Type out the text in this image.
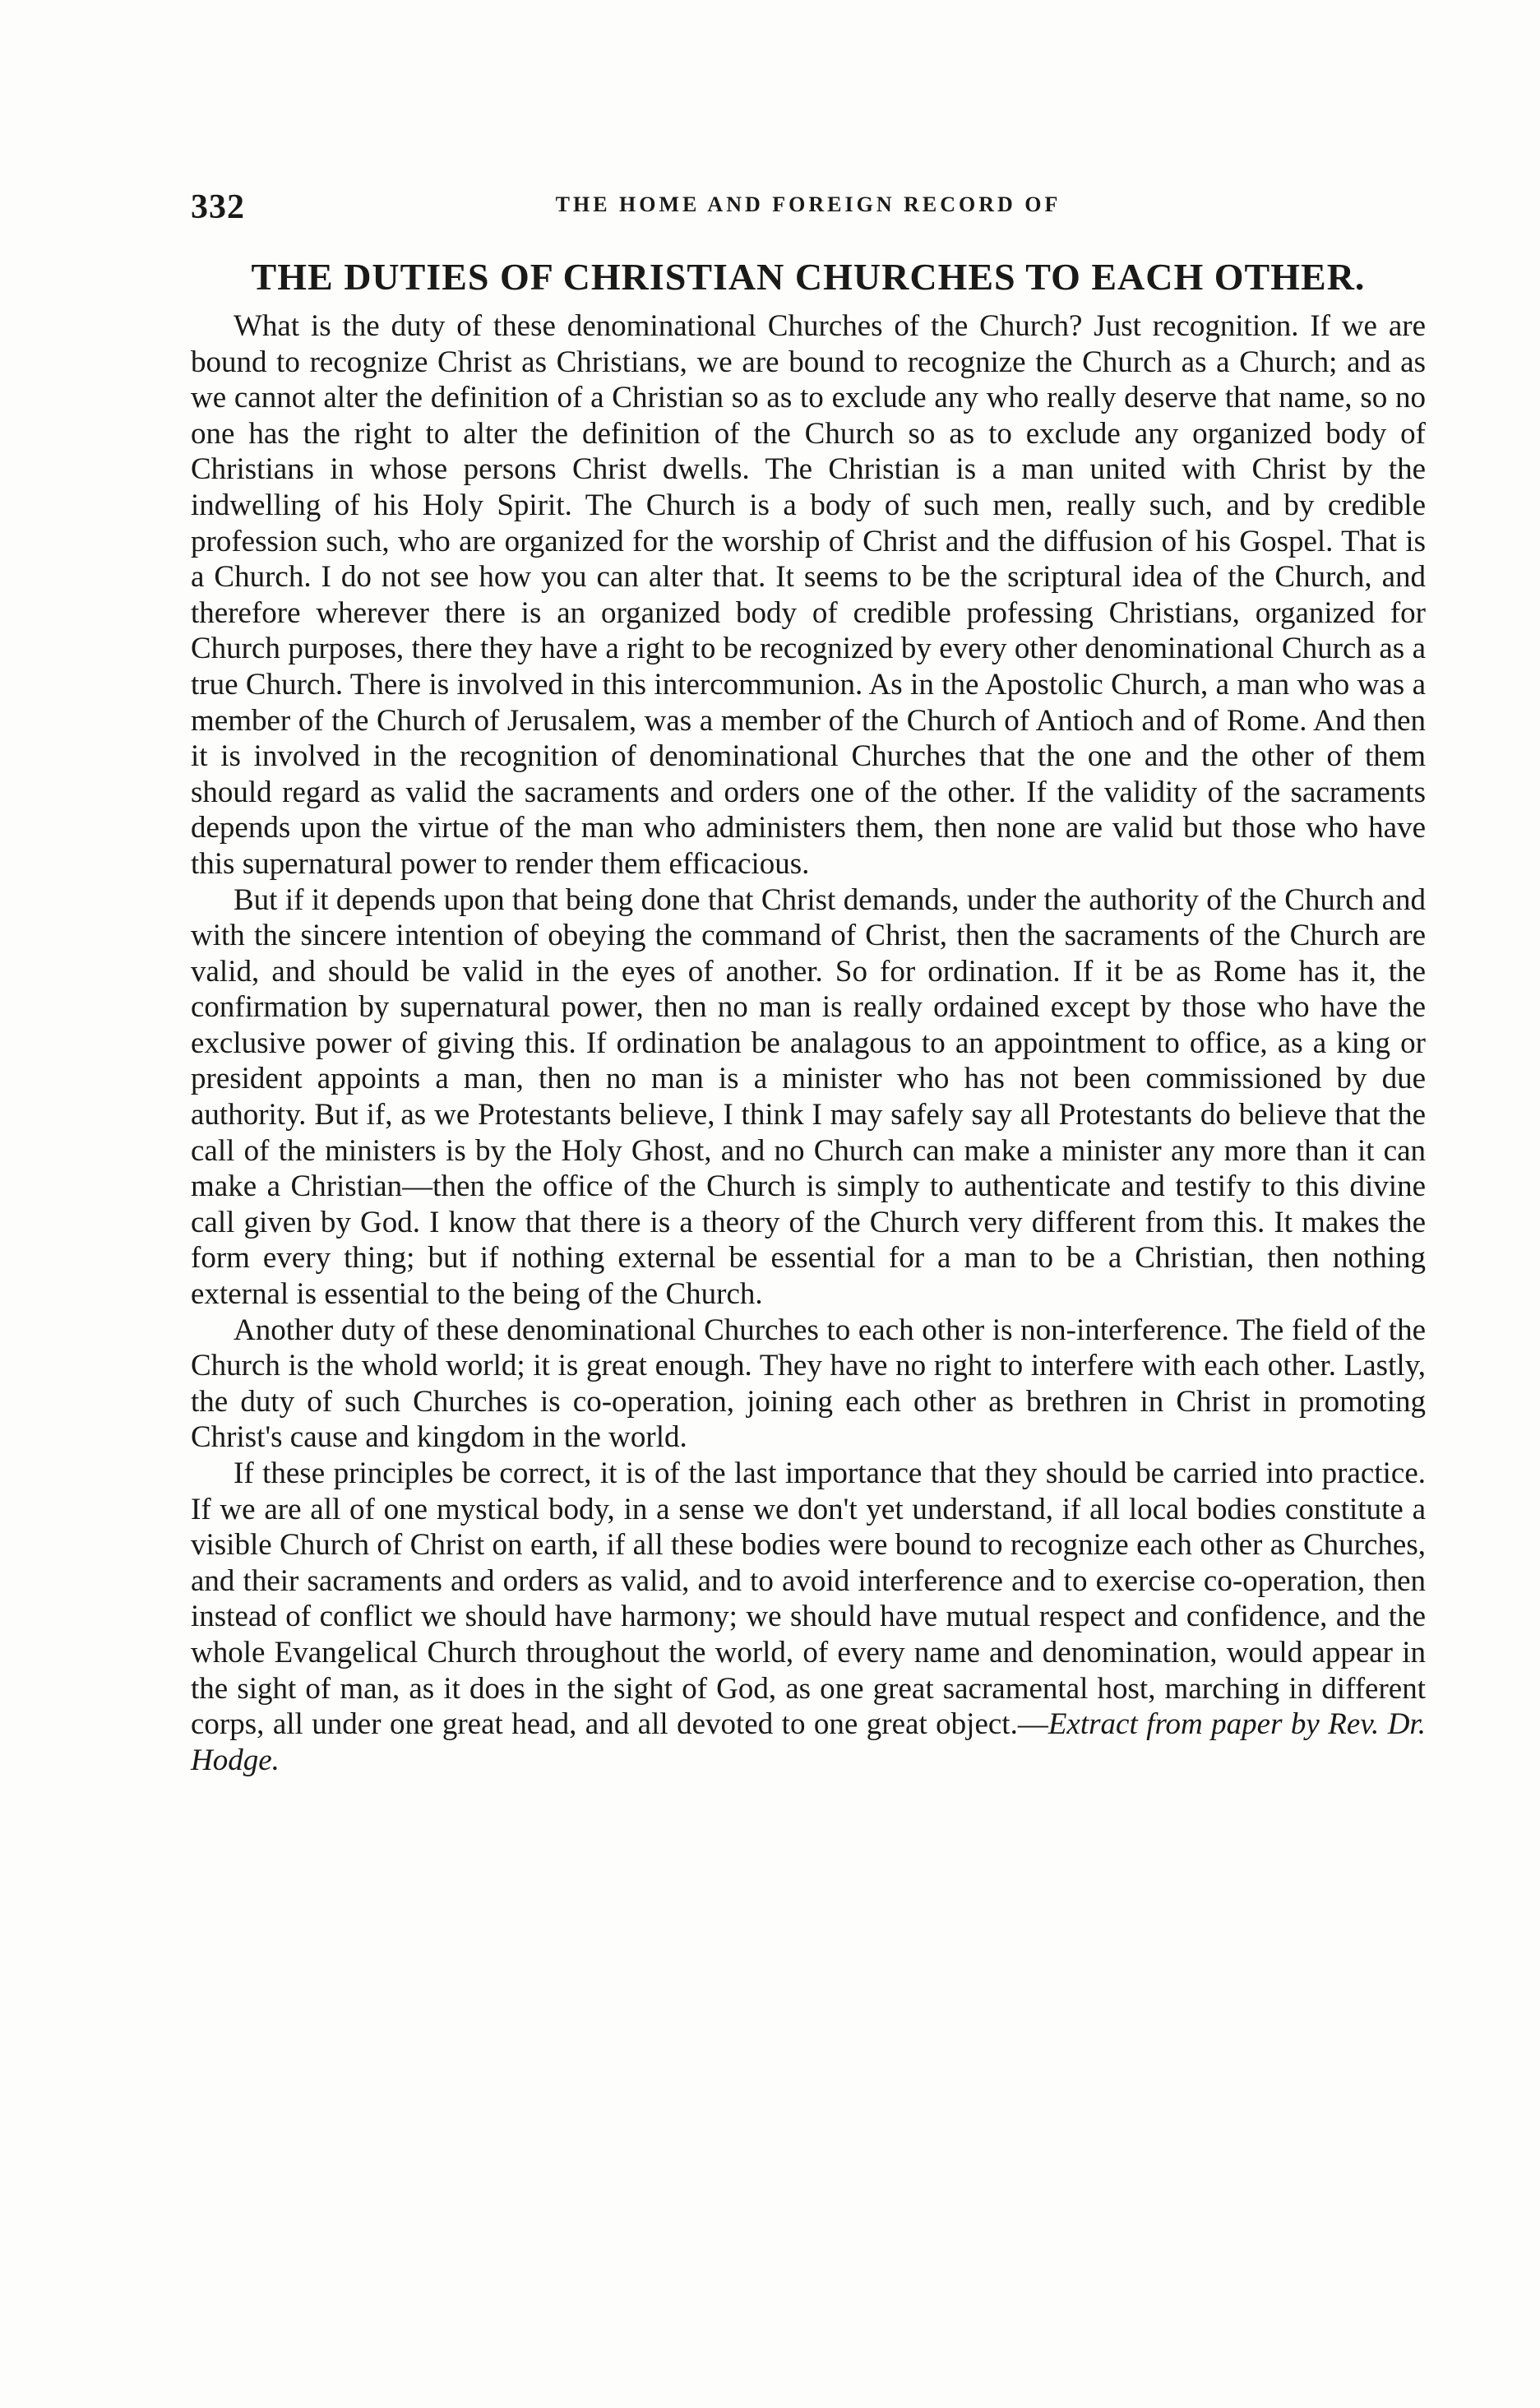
332	THE HOME AND FOREIGN RECORD OF
THE DUTIES OF CHRISTIAN CHURCHES TO EACH OTHER.

What is the duty of these denominational Churches of the Church? Just recognition. If we are bound to recognize Christ as Christians, we are bound to recognize the Church as a Church; and as we cannot alter the definition of a Christian so as to exclude any who really deserve that name, so no one has the right to alter the definition of the Church so as to exclude any organized body of Christians in whose persons Christ dwells. The Christian is a man united with Christ by the indwelling of his Holy Spirit. The Church is a body of such men, really such, and by credible profession such, who are organized for the worship of Christ and the diffusion of his Gospel. That is a Church. I do not see how you can alter that. It seems to be the scriptural idea of the Church, and therefore wherever there is an organized body of credible professing Christians, organized for Church purposes, there they have a right to be recognized by every other denominational Church as a true Church. There is involved in this intercommunion. As in the Apostolic Church, a man who was a member of the Church of Jerusalem, was a member of the Church of Antioch and of Rome. And then it is involved in the recognition of denominational Churches that the one and the other of them should regard as valid the sacraments and orders one of the other. If the validity of the sacraments depends upon the virtue of the man who administers them, then none are valid but those who have this supernatural power to render them efficacious.

But if it depends upon that being done that Christ demands, under the authority of the Church and with the sincere intention of obeying the command of Christ, then the sacraments of the Church are valid, and should be valid in the eyes of another. So for ordination. If it be as Rome has it, the confirmation by supernatural power, then no man is really ordained except by those who have the exclusive power of giving this. If ordination be analagous to an appointment to office, as a king or president appoints a man, then no man is a minister who has not been commissioned by due authority. But if, as we Protestants believe, I think I may safely say all Protestants do believe that the call of the ministers is by the Holy Ghost, and no Church can make a minister any more than it can make a Christian—then the office of the Church is simply to authenticate and testify to this divine call given by God. I know that there is a theory of the Church very different from this. It makes the form every thing; but if nothing external be essential for a man to be a Christian, then nothing external is essential to the being of the Church.

Another duty of these denominational Churches to each other is non-interference. The field of the Church is the whold world; it is great enough. They have no right to interfere with each other. Lastly, the duty of such Churches is co-operation, joining each other as brethren in Christ in promoting Christ's cause and kingdom in the world.

If these principles be correct, it is of the last importance that they should be carried into practice. If we are all of one mystical body, in a sense we don't yet understand, if all local bodies constitute a visible Church of Christ on earth, if all these bodies were bound to recognize each other as Churches, and their sacraments and orders as valid, and to avoid interference and to exercise co-operation, then instead of conflict we should have harmony; we should have mutual respect and confidence, and the whole Evangelical Church throughout the world, of every name and denomination, would appear in the sight of man, as it does in the sight of God, as one great sacramental host, marching in different corps, all under one great head, and all devoted to one great object.—Extract from paper by Rev. Dr. Hodge.
